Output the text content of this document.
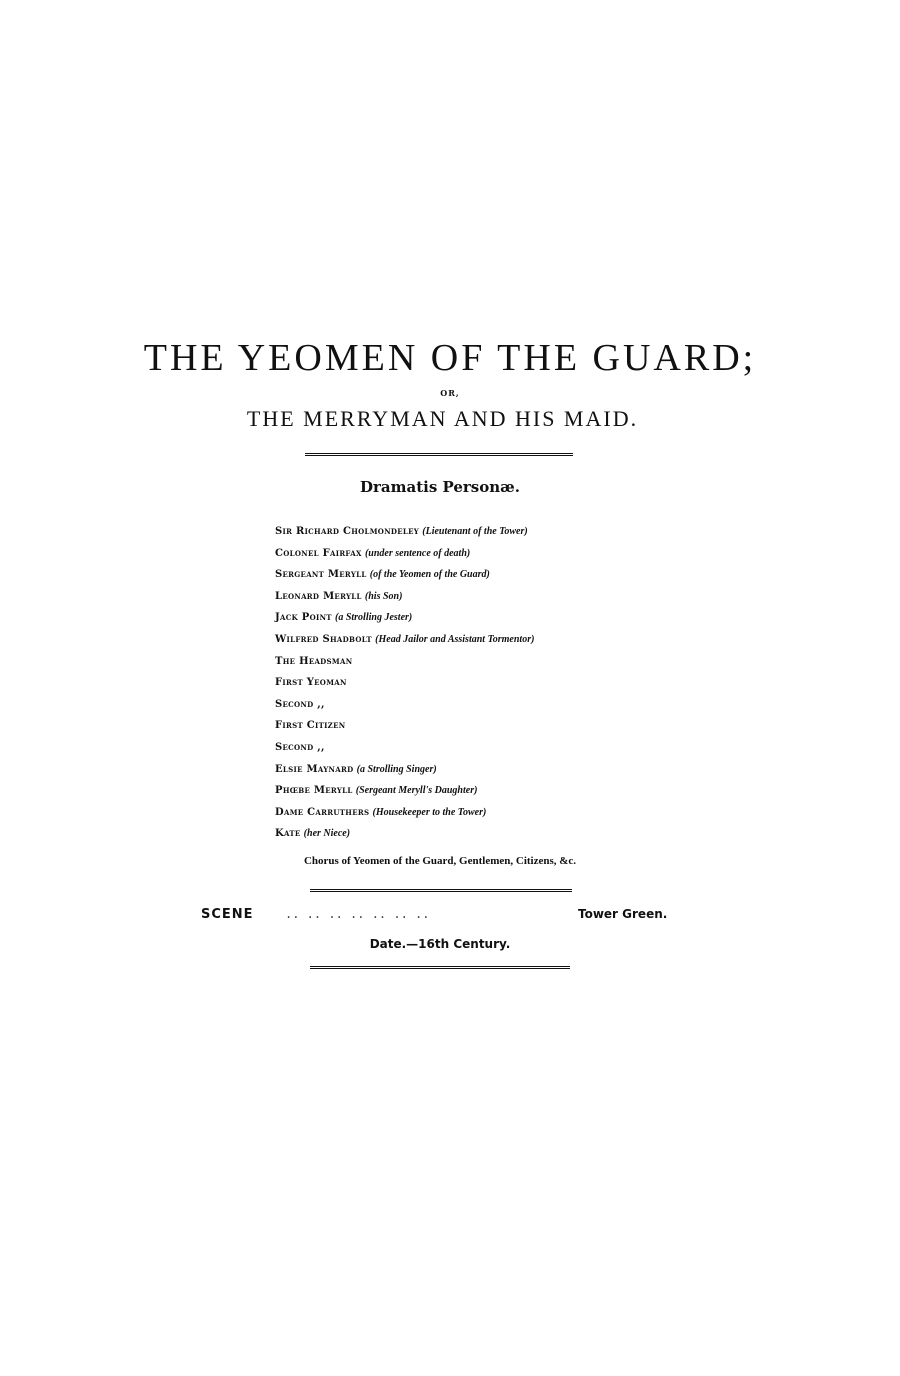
THE YEOMEN OF THE GUARD;
OR,
THE MERRYMAN AND HIS MAID.
Dramatis Personæ.
Sir Richard Cholmondeley (Lieutenant of the Tower)
Colonel Fairfax (under sentence of death)
Sergeant Meryll (of the Yeomen of the Guard)
Leonard Meryll (his Son)
Jack Point (a Strolling Jester)
Wilfred Shadbolt (Head Jailor and Assistant Tormentor)
The Headsman
First Yeoman
Second ,,
First Citizen
Second ,,
Elsie Maynard (a Strolling Singer)
Phœbe Meryll (Sergeant Meryll's Daughter)
Dame Carruthers (Housekeeper to the Tower)
Kate (her Niece)
Chorus of Yeomen of the Guard, Gentlemen, Citizens, &c.
SCENE	.. .. .. .. .. .. ..	Tower Green.
Date.—16th Century.
